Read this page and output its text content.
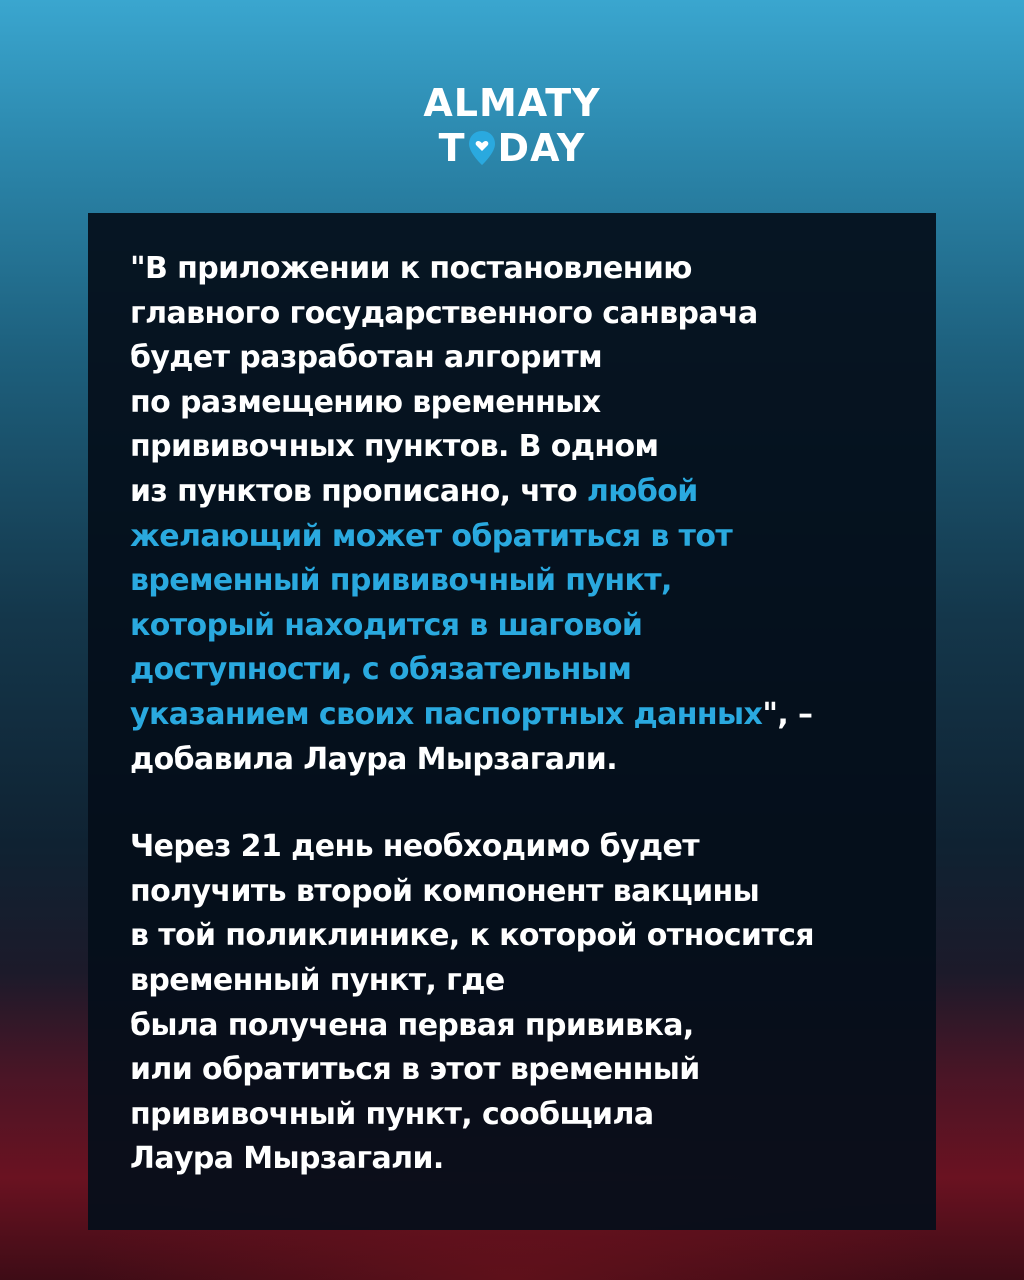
ALMATY
T DAY
"В приложении к постановлению
главного государственного санврача
будет разработан алгоритм
по размещению временных
прививочных пунктов. В одном
из пунктов прописано, что любой
желающий может обратиться в тот
временный прививочный пункт,
который находится в шаговой
доступности, с обязательным
указанием своих паспортных данных", –
добавила Лаура Мырзагали.
Через 21 день необходимо будет
получить второй компонент вакцины
в той поликлинике, к которой относится
временный пункт, где
была получена первая прививка,
или обратиться в этот временный
прививочный пункт, сообщила
Лаура Мырзагали.
